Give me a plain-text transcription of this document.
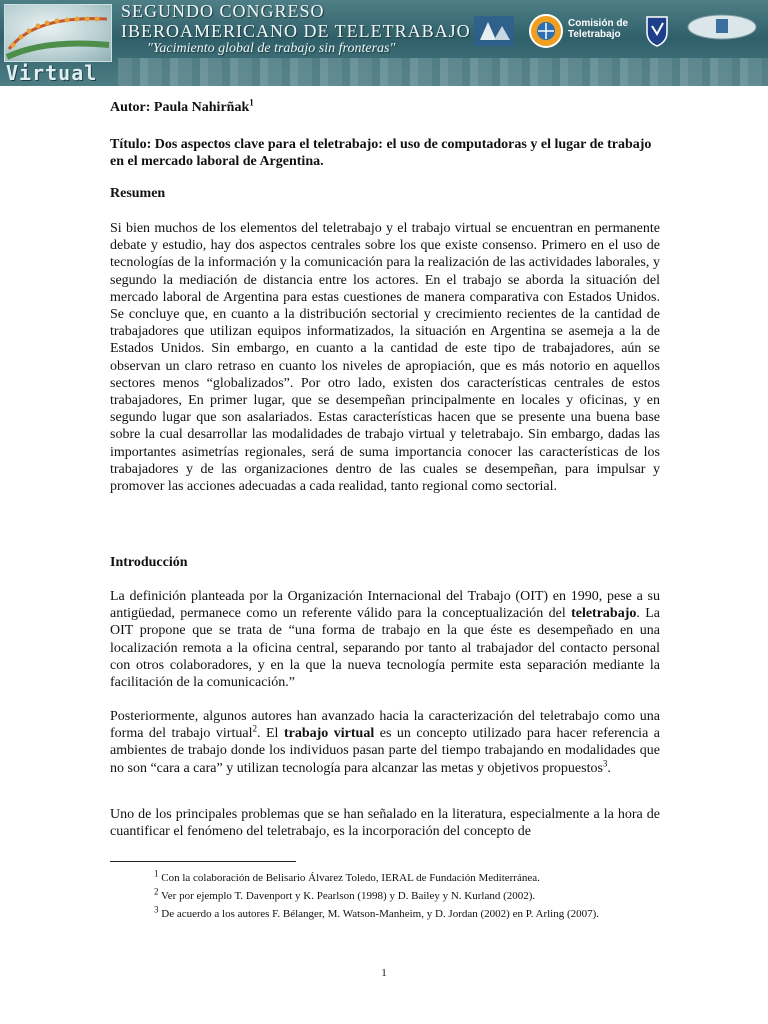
Virtual
SEGUNDO CONGRESO
IBEROAMERICANO DE TELETRABAJO
"Yacimiento global de trabajo sin fronteras"
Comisión de
Teletrabajo
Autor: Paula Nahirñak$^1$
Título: Dos aspectos clave para el teletrabajo: el uso de computadoras y el lugar de trabajo en el mercado laboral de Argentina.
Resumen

Si bien muchos de los elementos del teletrabajo y el trabajo virtual se encuentran en permanente debate y estudio, hay dos aspectos centrales sobre los que existe consenso. Primero en el uso de tecnologías de la información y la comunicación para la realización de las actividades laborales, y segundo la mediación de distancia entre los actores. En el trabajo se aborda la situación del mercado laboral de Argentina para estas cuestiones de manera comparativa con Estados Unidos. Se concluye que, en cuanto a la distribución sectorial y crecimiento recientes de la cantidad de trabajadores que utilizan equipos informatizados, la situación en Argentina se asemeja a la de Estados Unidos. Sin embargo, en cuanto a la cantidad de este tipo de trabajadores, aún se observan un claro retraso en cuanto los niveles de apropiación, que es más notorio en aquellos sectores menos “globalizados”. Por otro lado, existen dos características centrales de estos trabajadores, En primer lugar, que se desempeñan principalmente en locales y oficinas, y en segundo lugar que son asalariados. Estas características hacen que se presente una buena base sobre la cual desarrollar las modalidades de trabajo virtual y teletrabajo. Sin embargo, dadas las importantes asimetrías regionales, será de suma importancia conocer las características de los trabajadores y de las organizaciones dentro de las cuales se desempeñan, para impulsar y promover las acciones adecuadas a cada realidad, tanto regional como sectorial.

Introducción

La definición planteada por la Organización Internacional del Trabajo (OIT) en 1990, pese a su antigüedad, permanece como un referente válido para la conceptualización del teletrabajo. La OIT propone que se trata de “una forma de trabajo en la que éste es desempeñado en una localización remota a la oficina central, separando por tanto al trabajador del contacto personal con otros colaboradores, y en la que la nueva tecnología permite esta separación mediante la facilitación de la comunicación.”

Posteriormente, algunos autores han avanzado hacia la caracterización del teletrabajo como una forma del trabajo virtual$^2$. El trabajo virtual es un concepto utilizado para hacer referencia a ambientes de trabajo donde los individuos pasan parte del tiempo trabajando en modalidades que no son “cara a cara” y utilizan tecnología para alcanzar las metas y objetivos propuestos$^3$.

Uno de los principales problemas que se han señalado en la literatura, especialmente a la hora de cuantificar el fenómeno del teletrabajo, es la incorporación del concepto de

$^1$ Con la colaboración de Belisario Álvarez Toledo, IERAL de Fundación Mediterránea.
$^2$ Ver por ejemplo T. Davenport y K. Pearlson (1998) y D. Bailey y N. Kurland (2002).
$^3$ De acuerdo a los autores F. Bélanger, M. Watson-Manheim, y D. Jordan (2002) en P. Arling (2007).
1
